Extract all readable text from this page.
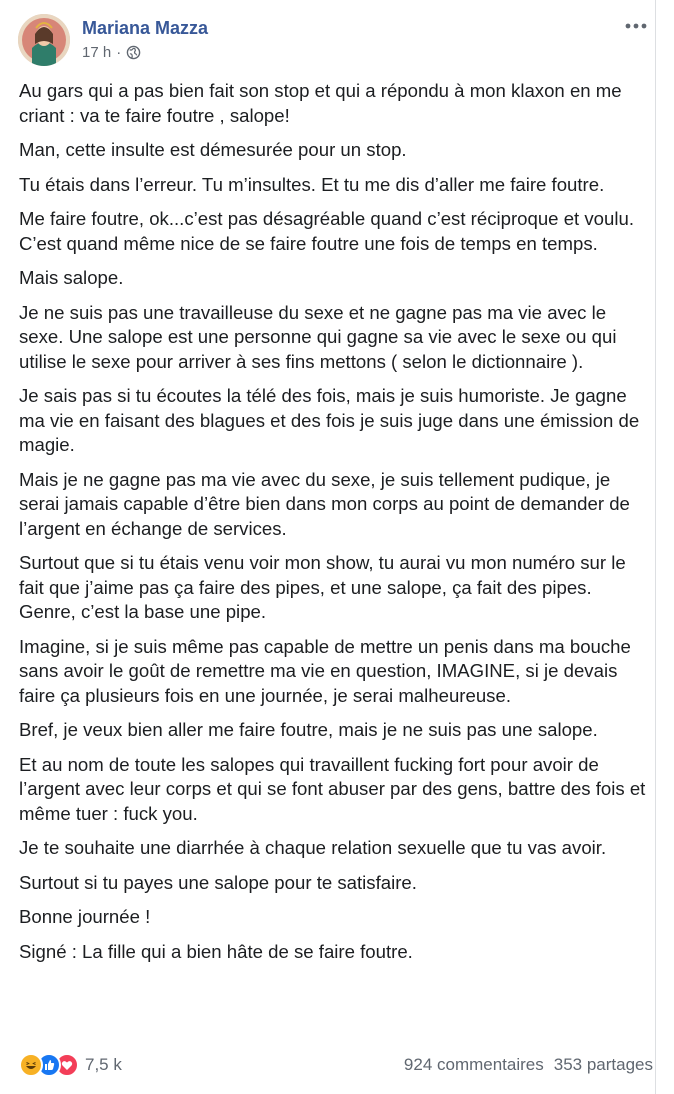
Mariana Mazza
17 h ·

Au gars qui a pas bien fait son stop et qui a répondu à mon klaxon en me criant : va te faire foutre , salope!

Man, cette insulte est démesurée pour un stop.

Tu étais dans l’erreur. Tu m’insultes. Et tu me dis d’aller me faire foutre.

Me faire foutre, ok...c’est pas désagréable quand c’est réciproque et voulu. C’est quand même nice de se faire foutre une fois de temps en temps.

Mais salope.

Je ne suis pas une travailleuse du sexe et ne gagne pas ma vie avec le sexe. Une salope est une personne qui gagne sa vie avec le sexe ou qui utilise le sexe pour arriver à ses fins mettons ( selon le dictionnaire ).

Je sais pas si tu écoutes la télé des fois, mais je suis humoriste. Je gagne ma vie en faisant des blagues et des fois je suis juge dans une émission de magie.

Mais je ne gagne pas ma vie avec du sexe, je suis tellement pudique, je serai jamais capable d’être bien dans mon corps au point de demander de l’argent en échange de services.

Surtout que si tu étais venu voir mon show, tu aurai vu mon numéro sur le fait que j’aime pas ça faire des pipes, et une salope, ça fait des pipes. Genre, c’est la base une pipe.

Imagine, si je suis même pas capable de mettre un penis dans ma bouche sans avoir le goût de remettre ma vie en question, IMAGINE, si je devais faire ça plusieurs fois en une journée, je serai malheureuse.

Bref, je veux bien aller me faire foutre, mais je ne suis pas une salope.

Et au nom de toute les salopes qui travaillent fucking fort pour avoir de l’argent avec leur corps et qui se font abuser par des gens, battre des fois et même tuer : fuck you.

Je te souhaite une diarrhée à chaque relation sexuelle que tu vas avoir.

Surtout si tu payes une salope pour te satisfaire.

Bonne journée !

Signé : La fille qui a bien hâte de se faire foutre.

7,5 k	924 commentaires 353 partages
